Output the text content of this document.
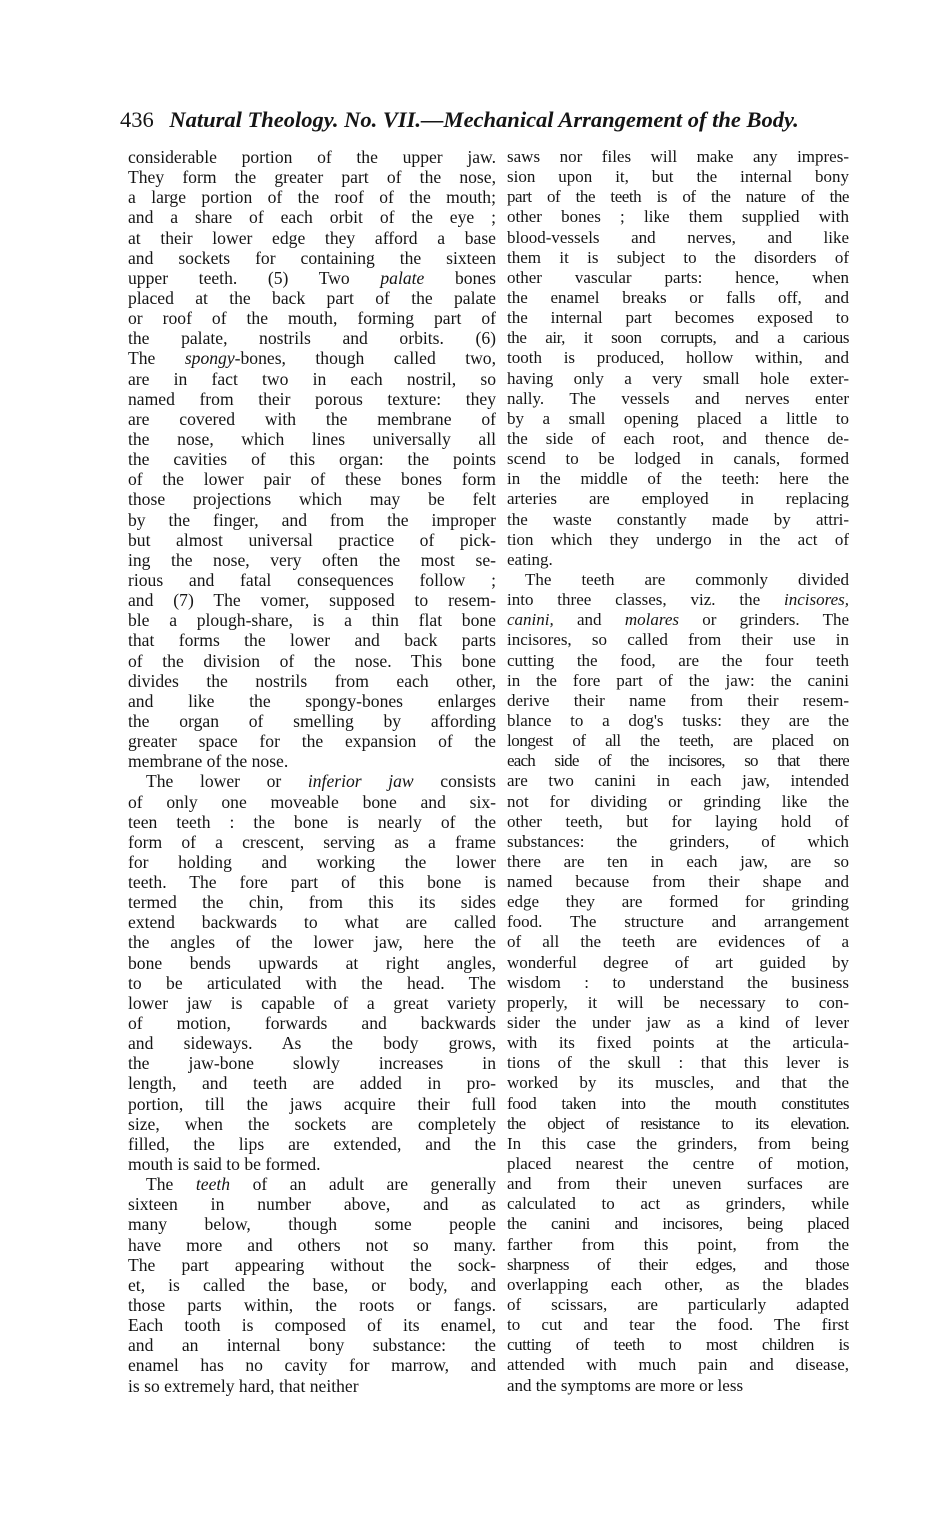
436 Natural Theology. No. VII.—Mechanical Arrangement of the Body.
considerable portion of the upper jaw.
They form the greater part of the nose,
a large portion of the roof of the mouth;
and a share of each orbit of the eye ;
at their lower edge they afford a base
and sockets for containing the sixteen
upper teeth. (5) Two palate bones
placed at the back part of the palate
or roof of the mouth, forming part of
the palate, nostrils and orbits. (6)
The spongy-bones, though called two,
are in fact two in each nostril, so
named from their porous texture: they
are covered with the membrane of
the nose, which lines universally all
the cavities of this organ: the points
of the lower pair of these bones form
those projections which may be felt
by the finger, and from the improper
but almost universal practice of pick-
ing the nose, very often the most se-
rious and fatal consequences follow ;
and (7) The vomer, supposed to resem-
ble a plough-share, is a thin flat bone
that forms the lower and back parts
of the division of the nose. This bone
divides the nostrils from each other,
and like the spongy-bones enlarges
the organ of smelling by affording
greater space for the expansion of the
membrane of the nose.
The lower or inferior jaw consists
of only one moveable bone and six-
teen teeth : the bone is nearly of the
form of a crescent, serving as a frame
for holding and working the lower
teeth. The fore part of this bone is
termed the chin, from this its sides
extend backwards to what are called
the angles of the lower jaw, here the
bone bends upwards at right angles,
to be articulated with the head. The
lower jaw is capable of a great variety
of motion, forwards and backwards
and sideways. As the body grows,
the jaw-bone slowly increases in
length, and teeth are added in pro-
portion, till the jaws acquire their full
size, when the sockets are completely
filled, the lips are extended, and the
mouth is said to be formed.
The teeth of an adult are generally
sixteen in number above, and as
many below, though some people
have more and others not so many.
The part appearing without the sock-
et, is called the base, or body, and
those parts within, the roots or fangs.
Each tooth is composed of its enamel,
and an internal bony substance: the
enamel has no cavity for marrow, and
is so extremely hard, that neither
saws nor files will make any impres-
sion upon it, but the internal bony
part of the teeth is of the nature of the
other bones ; like them supplied with
blood-vessels and nerves, and like
them it is subject to the disorders of
other vascular parts: hence, when
the enamel breaks or falls off, and
the internal part becomes exposed to
the air, it soon corrupts, and a carious
tooth is produced, hollow within, and
having only a very small hole exter-
nally. The vessels and nerves enter
by a small opening placed a little to
the side of each root, and thence de-
scend to be lodged in canals, formed
in the middle of the teeth: here the
arteries are employed in replacing
the waste constantly made by attri-
tion which they undergo in the act of
eating.
The teeth are commonly divided
into three classes, viz. the incisores,
canini, and molares or grinders. The
incisores, so called from their use in
cutting the food, are the four teeth
in the fore part of the jaw: the canini
derive their name from their resem-
blance to a dog's tusks: they are the
longest of all the teeth, are placed on
each side of the incisores, so that there
are two canini in each jaw, intended
not for dividing or grinding like the
other teeth, but for laying hold of
substances: the grinders, of which
there are ten in each jaw, are so
named because from their shape and
edge they are formed for grinding
food. The structure and arrangement
of all the teeth are evidences of a
wonderful degree of art guided by
wisdom : to understand the business
properly, it will be necessary to con-
sider the under jaw as a kind of lever
with its fixed points at the articula-
tions of the skull : that this lever is
worked by its muscles, and that the
food taken into the mouth constitutes
the object of resistance to its elevation.
In this case the grinders, from being
placed nearest the centre of motion,
and from their uneven surfaces are
calculated to act as grinders, while
the canini and incisores, being placed
farther from this point, from the
sharpness of their edges, and those
overlapping each other, as the blades
of scissars, are particularly adapted
to cut and tear the food. The first
cutting of teeth to most children is
attended with much pain and disease,
and the symptoms are more or less
